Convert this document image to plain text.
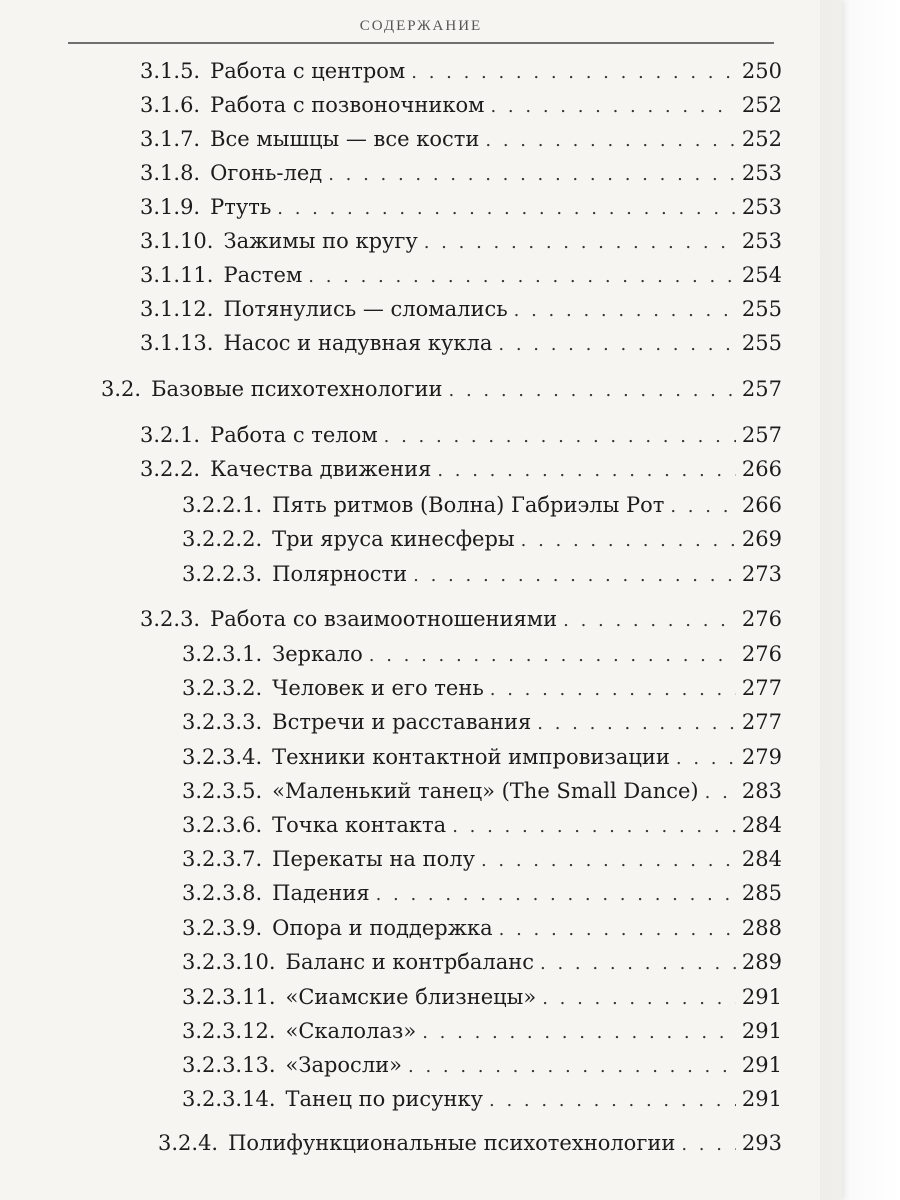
СОДЕРЖАНИЕ
3.1.5. Работа с центром . . .	250
3.1.6. Работа с позвоночником . . .	252
3.1.7. Все мышцы — все кости . . .	252
3.1.8. Огонь-лед . . .	253
3.1.9. Ртуть . . .	253
3.1.10. Зажимы по кругу . . .	253
3.1.11. Растем . . .	254
3.1.12. Потянулись — сломались . . .	255
3.1.13. Насос и надувная кукла . . .	255
3.2. Базовые психотехнологии . . .	257
3.2.1. Работа с телом . . .	257
3.2.2. Качества движения . . .	266
3.2.2.1. Пять ритмов (Волна) Габриэлы Рот . . .	266
3.2.2.2. Три яруса кинесферы . . .	269
3.2.2.3. Полярности . . .	273
3.2.3. Работа со взаимоотношениями . . .	276
3.2.3.1. Зеркало . . .	276
3.2.3.2. Человек и его тень . . .	277
3.2.3.3. Встречи и расставания . . .	277
3.2.3.4. Техники контактной импровизации . . .	279
3.2.3.5. «Маленький танец» (The Small Dance) . . . 283
3.2.3.6. Точка контакта . . .	284
3.2.3.7. Перекаты на полу . . .	284
3.2.3.8. Падения . . .	285
3.2.3.9. Опора и поддержка . . .	288
3.2.3.10. Баланс и контрбаланс . . .	289
3.2.3.11. «Сиамские близнецы» . . .	291
3.2.3.12. «Скалолаз» . . .	291
3.2.3.13. «Заросли» . . .	291
3.2.3.14. Танец по рисунку . . .	291
3.2.4. Полифункциональные психотехнологии . . .	293
